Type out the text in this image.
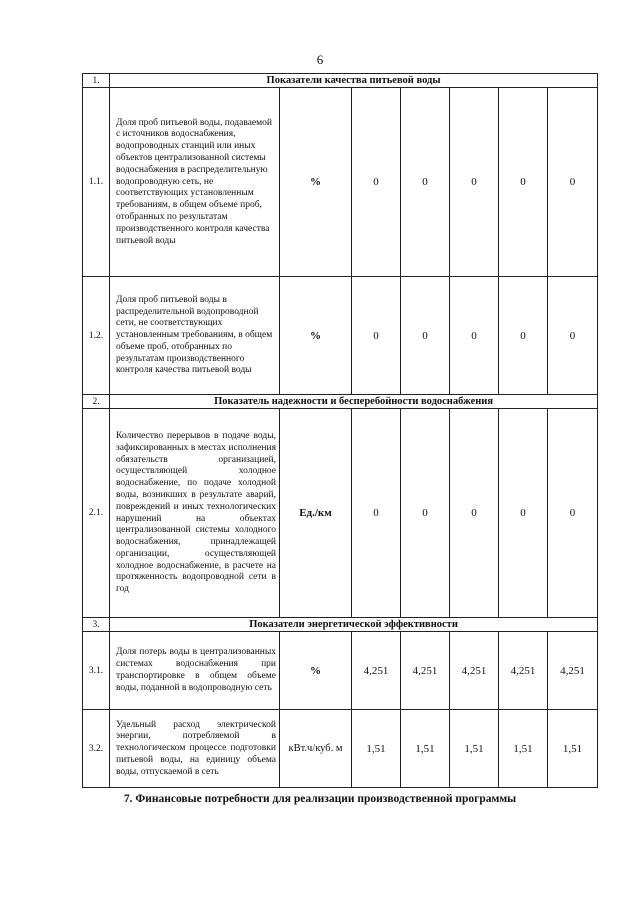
6
1.	Показатели качества питьевой воды						
1.1.	Доля проб питьевой воды, подаваемой с источников водоснабжения, водопроводных станций или иных объектов централизованной системы водоснабжения в распределительную водопроводную сеть, не соответствующих установленным требованиям, в общем объеме проб, отобранных по результатам производственного контроля качества питьевой воды	%	0	0	0	0	0
1.2.	Доля проб питьевой воды в распределительной водопроводной сети, не соответствующих установленным требованиям, в общем объеме проб, отобранных по результатам производственного контроля качества питьевой воды	%	0	0	0	0	0
2.	Показатель надежности и бесперебойности водоснабжения						
2.1.	Количество перерывов в подаче воды, зафиксированных в местах исполнения обязательств организацией, осуществляющей холодное водоснабжение, по подаче холодной воды, возникших в результате аварий, повреждений и иных технологических нарушений на объектах централизованной системы холодного водоснабжения, принадлежащей организации, осуществляющей холодное водоснабжение, в расчете на протяженность водопроводной сети в год	Ед./км	0	0	0	0	0
3.	Показатели энергетической эффективности						
3.1.	Доля потерь воды в централизованных системах водоснабжения при транспортировке в общем объеме воды, поданной в водопроводную сеть	%	4,251	4,251	4,251	4,251	4,251
3.2.	Удельный расход электрической энергии, потребляемой в технологическом процессе подготовки питьевой воды, на единицу объема воды, отпускаемой в сеть	кВт.ч/куб. м	1,51	1,51	1,51	1,51	1,51
7. Финансовые потребности для реализации производственной программы
